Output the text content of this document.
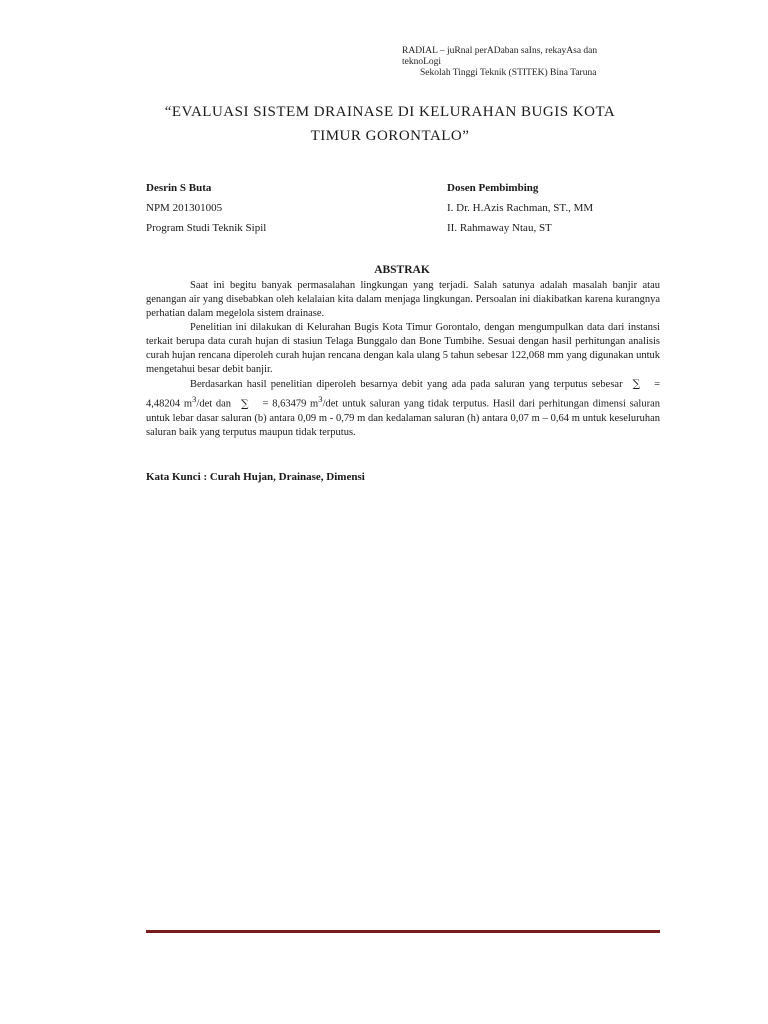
RADIAL – juRnal perADaban saIns, rekayAsa dan teknoLogi

Sekolah Tinggi Teknik (STITEK) Bina Taruna
“EVALUASI SISTEM DRAINASE DI KELURAHAN BUGIS KOTA
TIMUR GORONTALO”
Desrin S Buta
NPM 201301005
Program Studi Teknik Sipil
Dosen Pembimbing
I. Dr. H.Azis Rachman, ST., MM
II. Rahmaway Ntau, ST
ABSTRAK

Saat ini begitu banyak permasalahan lingkungan yang terjadi. Salah satunya adalah masalah banjir atau genangan air yang disebabkan oleh kelalaian kita dalam menjaga lingkungan. Persoalan ini diakibatkan karena kurangnya perhatian dalam megelola sistem drainase.

Penelitian ini dilakukan di Kelurahan Bugis Kota Timur Gorontalo, dengan mengumpulkan data dari instansi terkait berupa data curah hujan di stasiun Telaga Bunggalo dan Bone Tumbihe. Sesuai dengan hasil perhitungan analisis curah hujan rencana diperoleh curah hujan rencana dengan kala ulang 5 tahun sebesar 122,068 mm yang digunakan untuk mengetahui besar debit banjir.

Berdasarkan hasil penelitian diperoleh besarnya debit yang ada pada saluran yang terputus sebesar ∑ = 4,48204 $m^3/\det$ dan ∑ = 8,63479 $m^3/\det$ untuk saluran yang tidak terputus. Hasil dari perhitungan dimensi saluran untuk lebar dasar saluran (b) antara 0,09 m - 0,79 m dan kedalaman saluran (h) antara 0,07 m – 0,64 m untuk keseluruhan saluran baik yang terputus maupun tidak terputus.

Kata Kunci : Curah Hujan, Drainase, Dimensi
